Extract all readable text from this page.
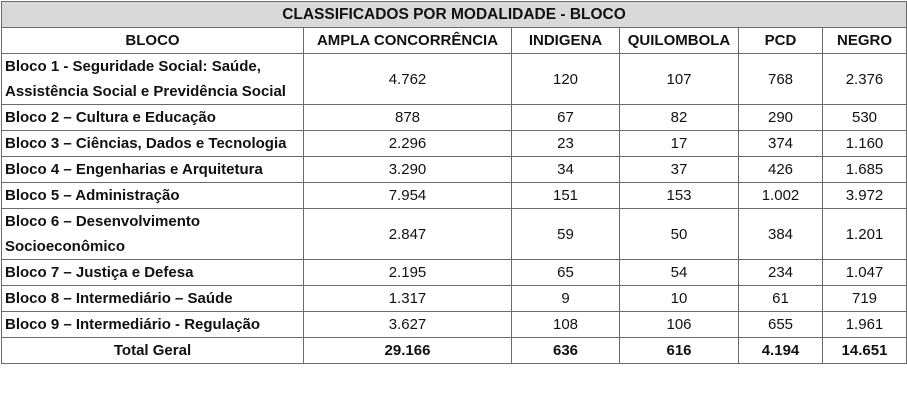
CLASSIFICADOS POR MODALIDADE - BLOCO					
BLOCO	AMPLA CONCORRÊNCIA	INDIGENA	QUILOMBOLA	PCD	NEGRO
Bloco 1 - Seguridade Social: Saúde, Assistência Social e Previdência Social	4.762	120	107	768	2.376
Bloco 2 – Cultura e Educação	878	67	82	290	530
Bloco 3 – Ciências, Dados e Tecnologia	2.296	23	17	374	1.160
Bloco 4 – Engenharias e Arquitetura	3.290	34	37	426	1.685
Bloco 5 – Administração	7.954	151	153	1.002	3.972
Bloco 6 – Desenvolvimento Socioeconômico	2.847	59	50	384	1.201
Bloco 7 – Justiça e Defesa	2.195	65	54	234	1.047
Bloco 8 – Intermediário – Saúde	1.317	9	10	61	719
Bloco 9 – Intermediário - Regulação	3.627	108	106	655	1.961
Total Geral	29.166	636	616	4.194	14.651
